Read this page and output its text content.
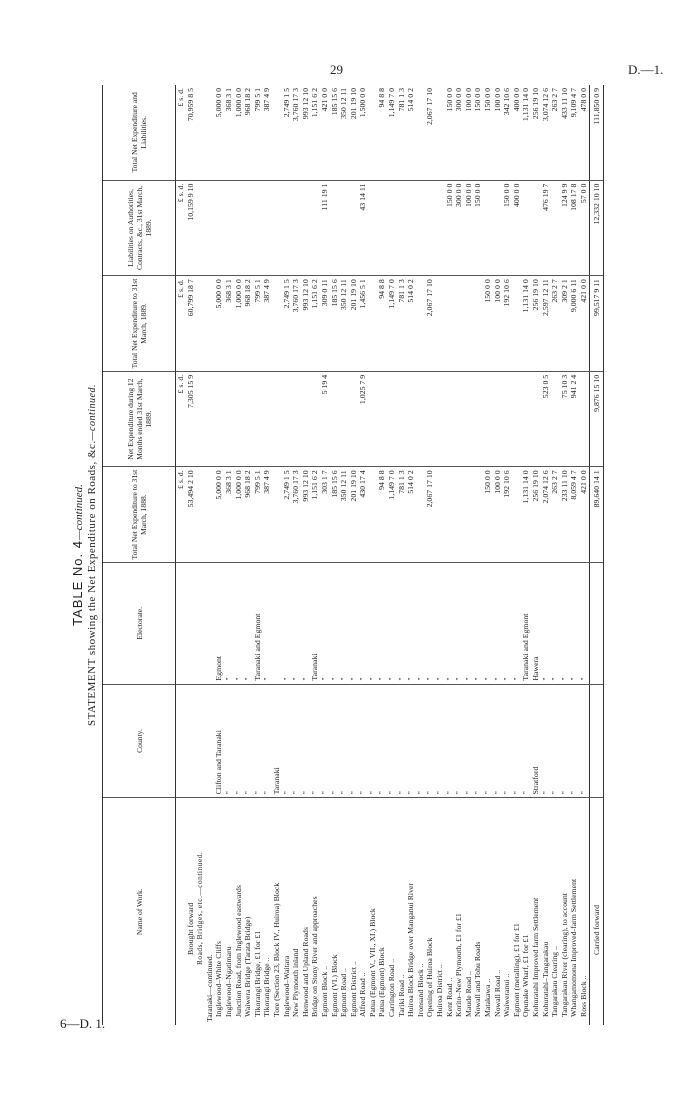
29	D.—1.
6—D. 1.
TABLE No. 4—continued. STATEMENT showing the Net Expenditure on Roads, &c.—continued.
Name of Work.	County.	Electorate.	Total Net Expenditure to 31st March, 1888.	Net Expenditure during 12 Months ended 31st March, 1889.	Total Net Expenditure to 31st March, 1889.	Liabilities on Authorities, Contracts, &c., 31st March, 1889.	Total Net Expenditure and Liabilities.
			£ s. d.	£ s. d.	£ s. d.	£ s. d.	£ s. d.
Brought forward			53,494 2 10	7,305 15 9	60,799 18 7	10,159 9 10	70,959 8 5
Roads, Bridges, etc.—continued.							
Taranaki—continued.							
Inglewood–White Cliffs	Clifton and Taranaki	Egmont	5,000 0 0		5,000 0 0		5,000 0 0
Inglewood–Ngatimaru	"	"	368 3 1		368 3 1		368 3 1
Junction Road, from Inglewood eastwards	"	"	1,000 0 0		1,000 0 0		1,000 0 0
Waiwera Bridge (Tarata Bridge)	"	"	968 18 2		968 18 2		968 18 2
Tikorangi Bridge, £1 for £1	"	Taranaki and Egmont	799 5 1		799 5 1		799 5 1
Tikorangi Bridge ..	"	"	387 4 9		387 4 9		387 4 9
Tore (Section 23, Block IV., Huiroa) Block	Taranaki						
Inglewood–Waitara	"	"	2,749 1 5		2,749 1 5		2,749 1 5
New Plymouth inland	"	"	3,760 17 3		3,760 17 3		3,760 17 3
Henwood and Upland Roads	"	"	993 12 10		993 12 10		993 12 10
Bridge on Stony River and approaches	"	Taranaki	1,151 6 2		1,151 6 2		1,151 6 2
Egmont Block ..	"	"	303 1 7	5 19 4	309 0 11	111 19 1	421 0 0
Egmont (VI.) Block	"	"	185 15 6		185 15 6		185 15 6
Egmont Road ..	"	"	350 12 11		350 12 11		350 12 11
Egmont District ..	"	"	201 19 10		201 19 10		201 19 10
Alfred Road ..	"	"	430 17 4	1,025 7 9	1,456 5 1	43 14 11	1,500 0 0
Patua (Egmont V., VII., XI.) Block	"	"					
Patua (Egmont) Block	"	"	94 8 8		94 8 8		94 8 8
Carrington Road ..	"	"	1,149 7 0		1,149 7 0		1,149 7 0
Tariki Road ..	"	"	781 1 3		781 1 3		781 1 3
Huiroa Block Bridge over Manganui River	"	"	514 0 2		514 0 2		514 0 2
Ironsand Block ..	"	"					
Opening of Huiroa Block	"	"	2,067 17 10		2,067 17 10		2,067 17 10
Huiroa District ..	"	"					
Kent Road ..	"	"				150 0 0	150 0 0
Korito–New Plymouth, £1 for £1	"	"				300 0 0	300 0 0
Maude Road ..	"	"				100 0 0	100 0 0
Nowall and Tohu Roads	"	"				150 0 0	150 0 0
Matakawa ..	"	"	150 0 0		150 0 0		150 0 0
Nowall Road ..	"	"	100 0 0		100 0 0		100 0 0
Waiweranui ..	"	"	192 10 6		192 10 6	150 0 0	342 10 6
Egmont (metalling), £1 for £1	"	"				400 0 0	400 0 0
Opunake Wharf, £1 for £1	"	Taranaki and Egmont	1,131 14 0		1,131 14 0		1,131 14 0
Kohuratahi Improved farm Settlement	Stratford	Hawera	256 19 10		256 19 10		256 19 10
Kohuratahi–Tangarakau	"	"	2,074 12 6	523 0 5	2,597 12 11	476 19 7	3,074 12 6
Tangarakau Clearing ..	"	"	263 2 7		263 2 7		263 2 7
Tangarakau River (clearing), to account	"	"	233 11 10	75 10 3	309 2 1	124 9 9	433 11 10
Whangamomona Improved-farm Settlement	"	"	8,059 4 7	941 2 4	9,000 6 11	108 17 8	9,109 4 7
Ross Block ..	"	"	421 0 0		421 0 0	57 0 0	478 0 0
Carried forward			89,640 14 1	9,876 15 10	99,517 9 11	12,332 10 10	111,850 0 9
